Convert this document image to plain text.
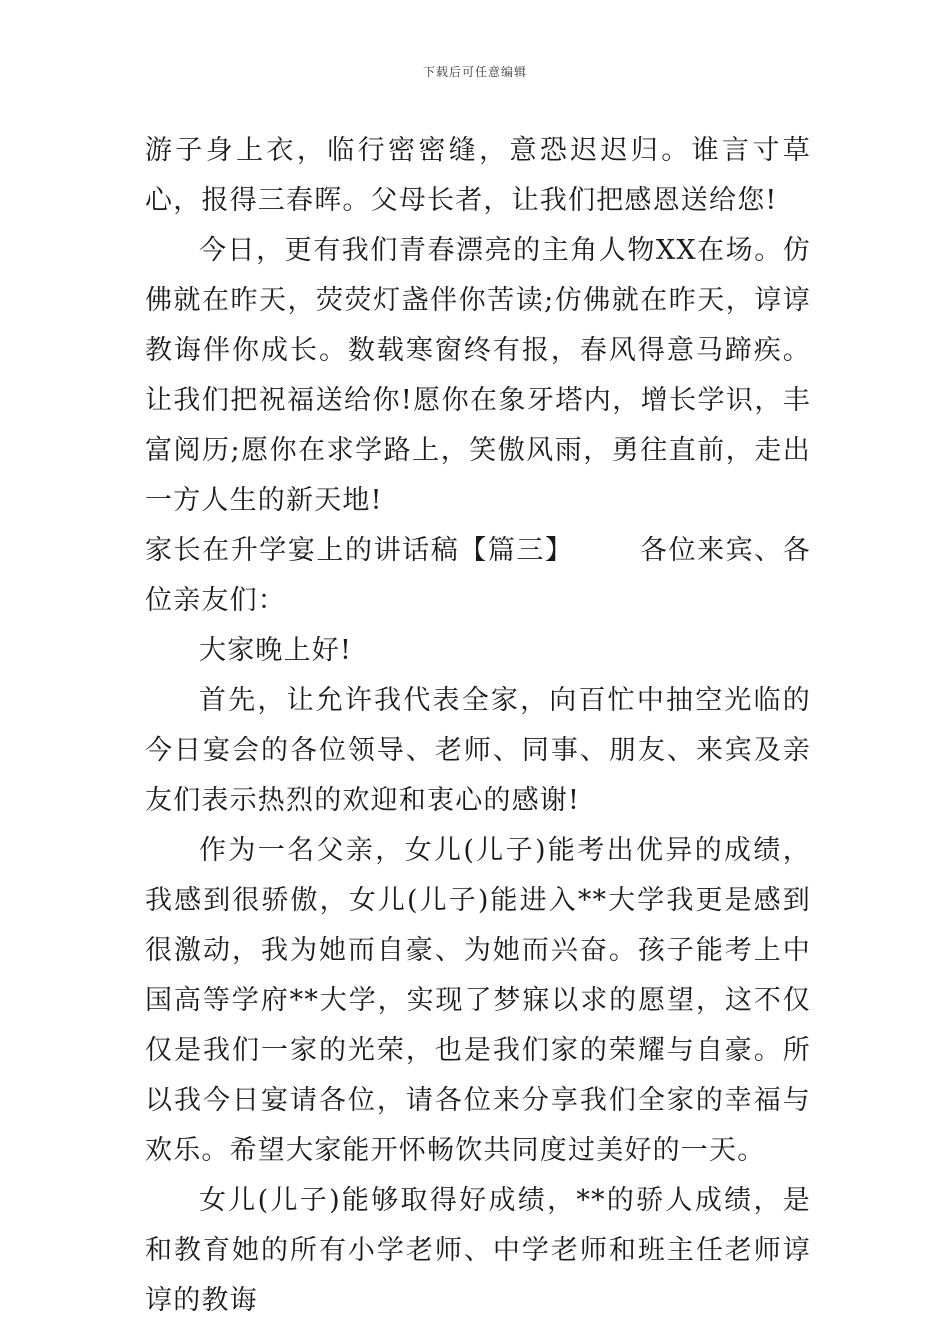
下载后可任意编辑

游子身上衣，临行密密缝，意恐迟迟归。谁言寸草心，报得三春晖。父母长者，让我们把感恩送给您!

今日，更有我们青春漂亮的主角人物XX在场。仿佛就在昨天，荧荧灯盏伴你苦读;仿佛就在昨天，谆谆教诲伴你成长。数载寒窗终有报，春风得意马蹄疾。让我们把祝福送给你!愿你在象牙塔内，增长学识，丰富阅历;愿你在求学路上，笑傲风雨，勇往直前，走出一方人生的新天地!

家长在升学宴上的讲话稿【篇三】 各位来宾、各位亲友们：

大家晚上好!

首先，让允许我代表全家，向百忙中抽空光临的今日宴会的各位领导、老师、同事、朋友、来宾及亲友们表示热烈的欢迎和衷心的感谢!

作为一名父亲，女儿(儿子)能考出优异的成绩，我感到很骄傲，女儿(儿子)能进入**大学我更是感到很激动，我为她而自豪、为她而兴奋。孩子能考上中国高等学府**大学，实现了梦寐以求的愿望，这不仅仅是我们一家的光荣，也是我们家的荣耀与自豪。所以我今日宴请各位，请各位来分享我们全家的幸福与欢乐。希望大家能开怀畅饮共同度过美好的一天。

女儿(儿子)能够取得好成绩，**的骄人成绩，是和教育她的所有小学老师、中学老师和班主任老师谆谆的教诲
